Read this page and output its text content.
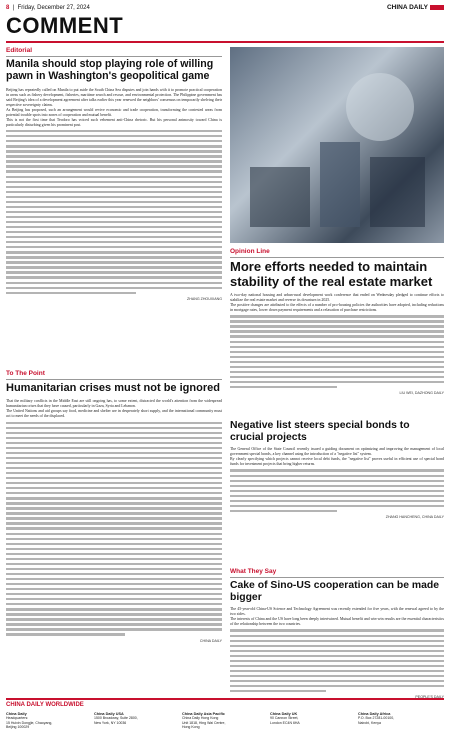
8  |  Friday, December 27, 2024	CHINA DAILY
COMMENT
Editorial
Manila should stop playing role of willing pawn in Washington's geopolitical game

Beijing has repeatedly called on Manila to put aside the South China Sea disputes and join hands with it to promote practical cooperation in areas such as fishery development, fisheries, maritime search and rescue, and environmental protection. The Philippine government has said Beijing's idea of a development agreement after talks earlier this year renewed the neighbors' consensus on temporarily shelving their respective sovereignty claims.

As Beijing has proposed, such an arrangement would revive economic and trade cooperation, transforming the contested areas from potential trouble spots into zones of cooperation and mutual benefit.

This is not the first time that Teodoro has voiced such vehement anti-China rhetoric. But his personal animosity toward China is particularly disturbing given his prominent post.

ZHANG ZHOUXIANG
To The Point
Humanitarian crises must not be ignored

That the military conflicts in the Middle East are still ongoing has, to some extent, distracted the world's attention from the widespread humanitarian crises that they have caused, particularly in Gaza, Syria and Lebanon.

The United Nations and aid groups say food, medicine and shelter are in desperately short supply, and the international community must act to meet the needs of the displaced.

CHINA DAILY
Opinion Line
More efforts needed to maintain stability of the real estate market

A two-day national housing and urban-rural development work conference that ended on Wednesday pledged to continue efforts to stabilize the real estate market and reverse its downturn in 2025.

The positive changes are attributed to the effects of a number of pro-housing policies the authorities have adopted, including reductions in mortgage rates, lower down payment requirements and a relaxation of purchase restrictions.

LIU WEI, DAZHONG DAILY
Negative list steers special bonds to crucial projects

The General Office of the State Council recently issued a guiding document on optimizing and improving the management of local government special bonds, a key channel using the introduction of a "negative list" system.

By clearly specifying which projects cannot receive local debt funds, the "negative list" proves useful in efficient use of special bond funds for investment projects that bring higher returns.

ZHANG HANCHENG, CHINA DAILY
What They Say
Cake of Sino-US cooperation can be made bigger

The 45-year-old China-US Science and Technology Agreement was recently extended for five years, with the renewal agreed to by the two sides.

The interests of China and the US have long been deeply intertwined. Mutual benefit and win-win results are the essential characteristics of the relationship between the two countries.

PEOPLE'S DAILY
CHINA DAILY WORLDWIDE
China Daily
Headquarters:
15 Huixin Dongjie, Chaoyang,
Beijing 100029
China Daily USA
1500 Broadway, Suite 2800,
New York, NY 10036
China Daily Asia Pacific
China Daily Hong Kong
Unit 1818, Hing Wai Centre,
Hong Kong
China Daily UK
90 Cannon Street,
London EC4N 6HA
China Daily Africa
P.O. Box 27281-00100,
Nairobi, Kenya
